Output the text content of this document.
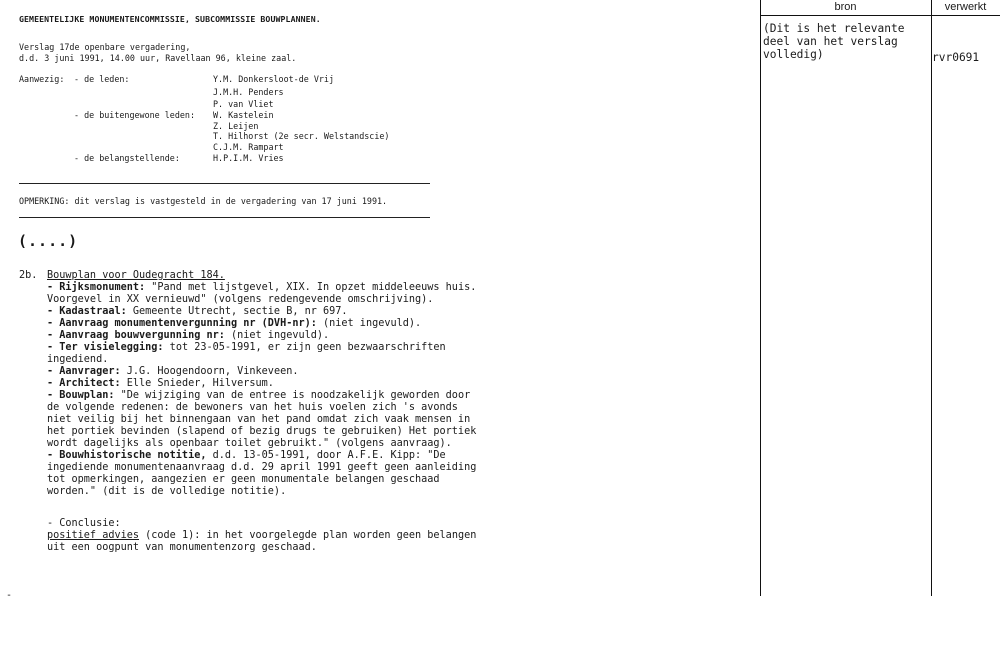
GEMEENTELIJKE MONUMENTENCOMMISSIE, SUBCOMMISSIE BOUWPLANNEN.
Verslag 17de openbare vergadering,
d.d. 3 juni 1991, 14.00 uur, Ravellaan 96, kleine zaal.
Aanwezig: - de leden:	Y.M. Donkersloot-de Vrij
J.M.H. Penders
P. van Vliet
- de buitengewone leden: W. Kastelein
Z. Leijen
T. Hilhorst (2e secr. Welstandscie)
C.J.M. Rampart
- de belangstellende:	H.P.I.M. Vries
OPMERKING: dit verslag is vastgesteld in de vergadering van 17 juni 1991.
(....)
2b. Bouwplan voor Oudegracht 184.
- Rijksmonument: "Pand met lijstgevel, XIX. In opzet middeleeuws huis.
Voorgevel in XX vernieuwd" (volgens redengevende omschrijving).
- Kadastraal: Gemeente Utrecht, sectie B, nr 697.
- Aanvraag monumentenvergunning nr (DVH-nr): (niet ingevuld).
- Aanvraag bouwvergunning nr: (niet ingevuld).
- Ter visielegging: tot 23-05-1991, er zijn geen bezwaarschriften
ingediend.
- Aanvrager: J.G. Hoogendoorn, Vinkeveen.
- Architect: Elle Snieder, Hilversum.
- Bouwplan: "De wijziging van de entree is noodzakelijk geworden door
de volgende redenen: de bewoners van het huis voelen zich 's avonds
niet veilig bij het binnengaan van het pand omdat zich vaak mensen in
het portiek bevinden (slapend of bezig drugs te gebruiken) Het portiek
wordt dagelijks als openbaar toilet gebruikt." (volgens aanvraag).
- Bouwhistorische notitie, d.d. 13-05-1991, door A.F.E. Kipp: "De
ingediende monumentenaanvraag d.d. 29 april 1991 geeft geen aanleiding
tot opmerkingen, aangezien er geen monumentale belangen geschaad
worden." (dit is de volledige notitie).
- Conclusie:
positief advies (code 1): in het voorgelegde plan worden geen belangen
uit een oogpunt van monumentenzorg geschaad.
-
bron	verwerkt
(Dit is het relevante
deel van het verslag
volledig)	rvr0691
